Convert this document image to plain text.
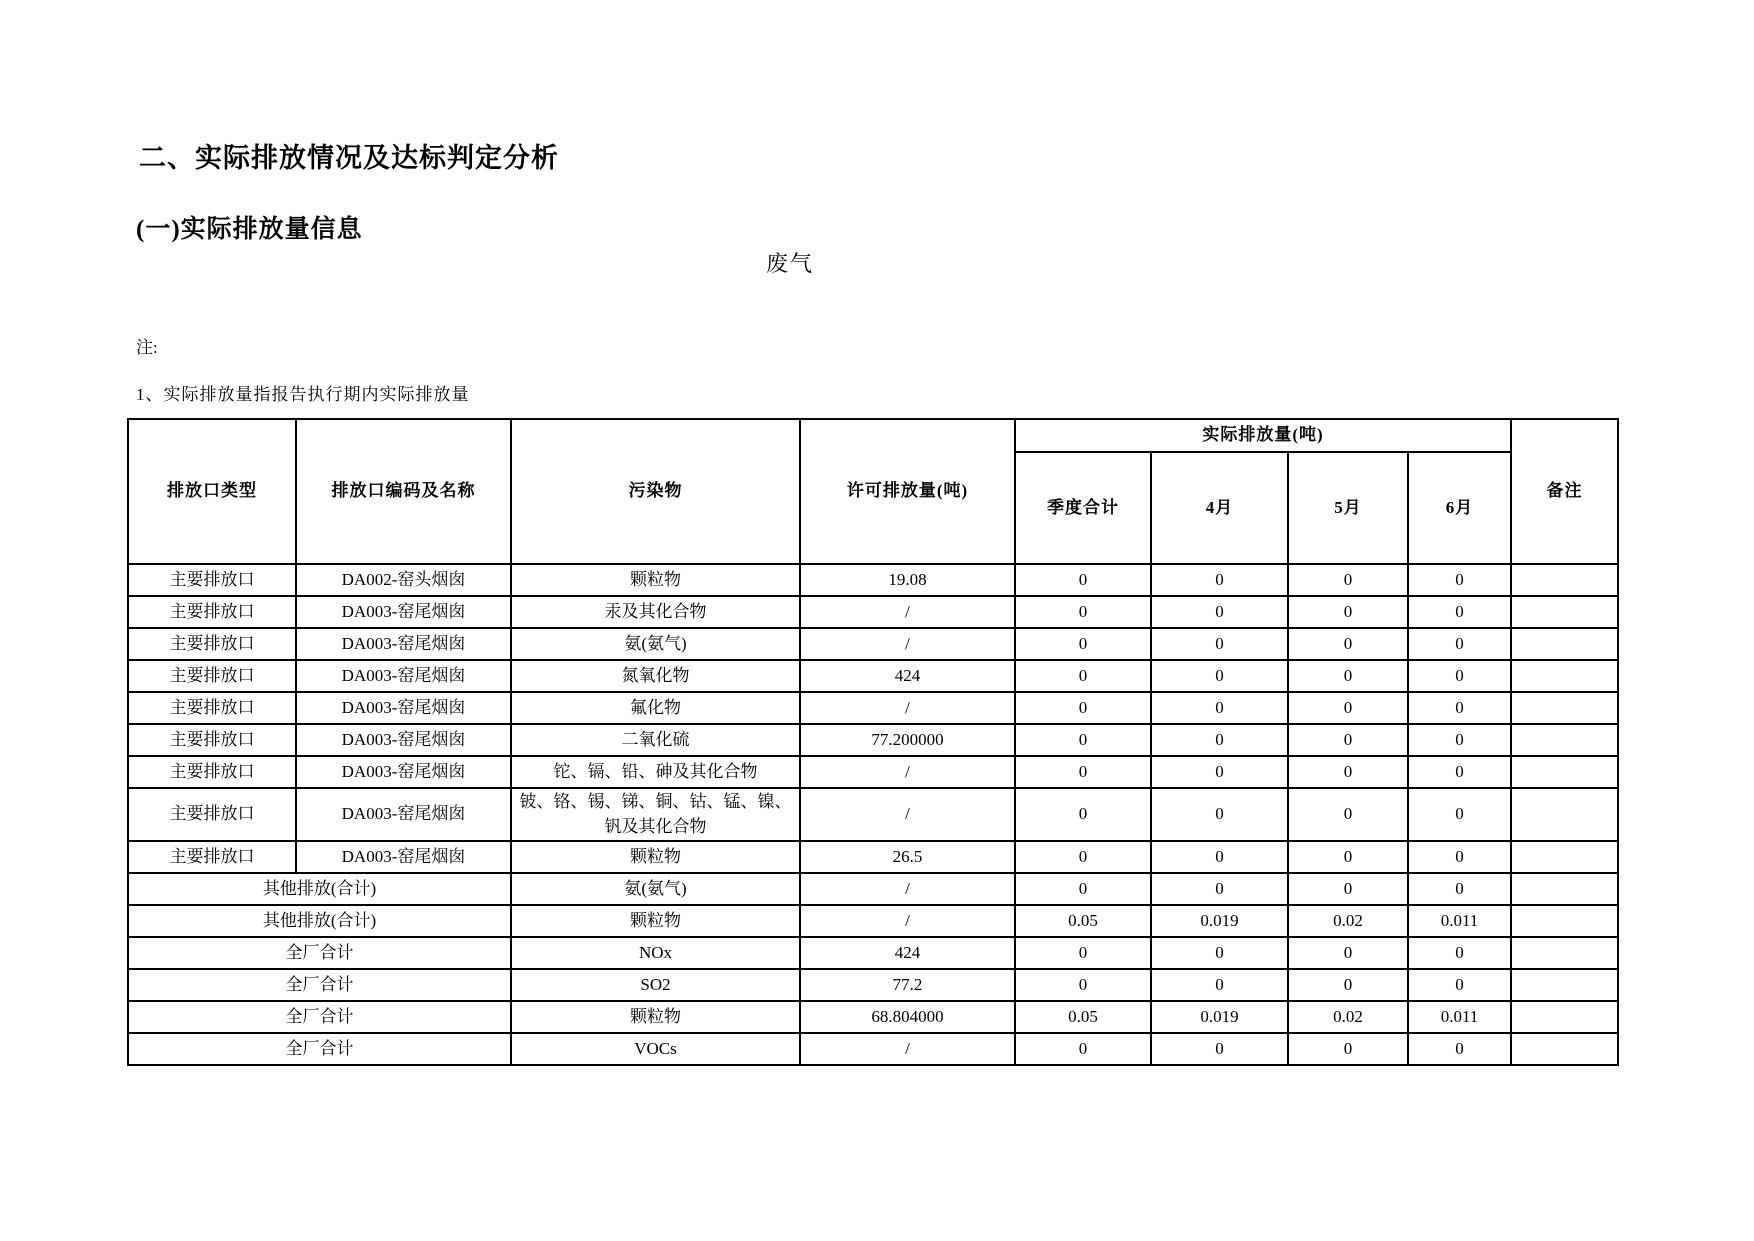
二、实际排放情况及达标判定分析
(一)实际排放量信息
废气
注:
1、实际排放量指报告执行期内实际排放量
排放口类型	排放口编码及名称	污染物	许可排放量(吨)	实际排放量(吨)				备注
				季度合计	4月	5月	6月	
主要排放口	DA002-窑头烟囱	颗粒物	19.08	0	0	0	0	
主要排放口	DA003-窑尾烟囱	汞及其化合物	/	0	0	0	0	
主要排放口	DA003-窑尾烟囱	氨(氨气)	/	0	0	0	0	
主要排放口	DA003-窑尾烟囱	氮氧化物	424	0	0	0	0	
主要排放口	DA003-窑尾烟囱	氟化物	/	0	0	0	0	
主要排放口	DA003-窑尾烟囱	二氧化硫	77.200000	0	0	0	0	
主要排放口	DA003-窑尾烟囱	铊、镉、铅、砷及其化合物	/	0	0	0	0	
主要排放口	DA003-窑尾烟囱	铍、铬、锡、锑、铜、钴、锰、镍、钒及其化合物	/	0	0	0	0	
主要排放口	DA003-窑尾烟囱	颗粒物	26.5	0	0	0	0	
其他排放(合计)		氨(氨气)	/	0	0	0	0	
其他排放(合计)		颗粒物	/	0.05	0.019	0.02	0.011	
全厂合计		NOx	424	0	0	0	0	
全厂合计		SO2	77.2	0	0	0	0	
全厂合计		颗粒物	68.804000	0.05	0.019	0.02	0.011	
全厂合计		VOCs	/	0	0	0	0	
